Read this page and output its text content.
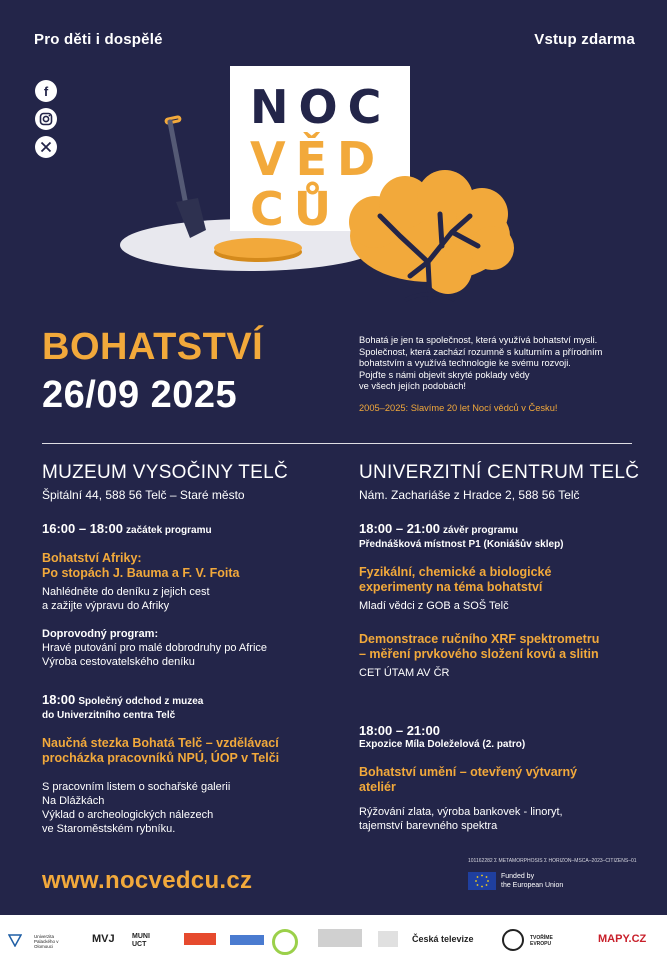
Pro děti i dospělé	Vstup zdarma
f	NOC
VĚD
CŮ
BOHATSTVÍ
26/09 2025
Bohatá je jen ta společnost, která využívá bohatství mysli.
Společnost, která zachází rozumně s kulturním a přírodním
bohatstvím a využívá technologie ke svému rozvoji.
Pojďte s námi objevit skryté poklady vědy
ve všech jejích podobách!
2005–2025: Slavíme 20 let Nocí vědců v Česku!
MUZEUM VYSOČINY TELČ
Špitální 44, 588 56 Telč – Staré město
16:00 – 18:00 začátek programu
Bohatství Afriky:
Po stopách J. Bauma a F. V. Foita
Nahlédněte do deníku z jejich cest
a zažijte výpravu do Afriky
Doprovodný program:
Hravé putování pro malé dobrodruhy po Africe
Výroba cestovatelského deníku
18:00 Společný odchod z muzea
do Univerzitního centra Telč
Naučná stezka Bohatá Telč – vzdělávací
procházka pracovníků NPÚ, ÚOP v Telči
S pracovním listem o sochařské galerii
Na Dlážkách
Výklad o archeologických nálezech
ve Staroměstském rybníku.
UNIVERZITNÍ CENTRUM TELČ
Nám. Zachariáše z Hradce 2, 588 56 Telč
18:00 – 21:00 závěr programu
Přednášková místnost P1 (Koniášův sklep)
Fyzikální, chemické a biologické
experimenty na téma bohatství
Mladí vědci z GOB a SOŠ Telč
Demonstrace ručního XRF spektrometru
– měření prvkového složení kovů a slitin
CET ÚTAM AV ČR
18:00 – 21:00
Expozice Míla Doleželová (2. patro)
Bohatství umění – otevřený výtvarný
ateliér
Rýžování zlata, výroba bankovek - linoryt,
tajemství barevného spektra
www.nocvedcu.cz
101162282 Σ METAMORPHOSIS Σ HORIZON–MSCA–2023–CITIZENS–01
Funded by
the European Union
Univerzita Palackého v Olomouci
MVJ MUNI UCT
Česká televize	TVOŘÍME EVROPU	MAPY.CZ
